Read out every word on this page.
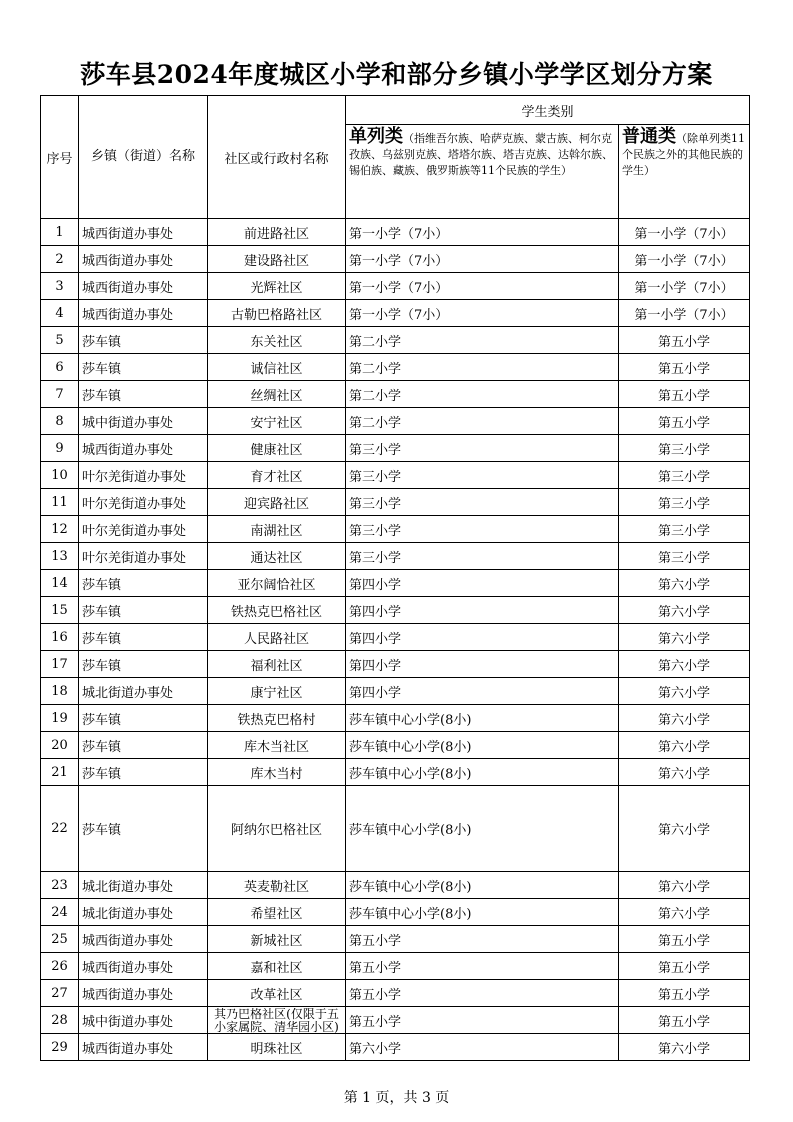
莎车县2024年度城区小学和部分乡镇小学学区划分方案
序号	乡镇（街道）名称	社区或行政村名称	学生类别	
			单列类（指维吾尔族、哈萨克族、蒙古族、柯尔克孜族、乌兹别克族、塔塔尔族、塔吉克族、达斡尔族、锡伯族、藏族、俄罗斯族等11个民族的学生）	普通类（除单列类11个民族之外的其他民族的学生）
1	城西街道办事处	前进路社区	第一小学（7小）	第一小学（7小）
2	城西街道办事处	建设路社区	第一小学（7小）	第一小学（7小）
3	城西街道办事处	光辉社区	第一小学（7小）	第一小学（7小）
4	城西街道办事处	古勒巴格路社区	第一小学（7小）	第一小学（7小）
5	莎车镇	东关社区	第二小学	第五小学
6	莎车镇	诚信社区	第二小学	第五小学
7	莎车镇	丝绸社区	第二小学	第五小学
8	城中街道办事处	安宁社区	第二小学	第五小学
9	城西街道办事处	健康社区	第三小学	第三小学
10	叶尔羌街道办事处	育才社区	第三小学	第三小学
11	叶尔羌街道办事处	迎宾路社区	第三小学	第三小学
12	叶尔羌街道办事处	南湖社区	第三小学	第三小学
13	叶尔羌街道办事处	通达社区	第三小学	第三小学
14	莎车镇	亚尔阔恰社区	第四小学	第六小学
15	莎车镇	铁热克巴格社区	第四小学	第六小学
16	莎车镇	人民路社区	第四小学	第六小学
17	莎车镇	福利社区	第四小学	第六小学
18	城北街道办事处	康宁社区	第四小学	第六小学
19	莎车镇	铁热克巴格村	莎车镇中心小学(8小)	第六小学
20	莎车镇	库木当社区	莎车镇中心小学(8小)	第六小学
21	莎车镇	库木当村	莎车镇中心小学(8小)	第六小学
22	莎车镇	阿纳尔巴格社区	莎车镇中心小学(8小)	第六小学
23	城北街道办事处	英麦勒社区	莎车镇中心小学(8小)	第六小学
24	城北街道办事处	希望社区	莎车镇中心小学(8小)	第六小学
25	城西街道办事处	新城社区	第五小学	第五小学
26	城西街道办事处	嘉和社区	第五小学	第五小学
27	城西街道办事处	改革社区	第五小学	第五小学
28	城中街道办事处	其乃巴格社区(仅限于五小家属院、清华园小区)	第五小学	第五小学
29	城西街道办事处	明珠社区	第六小学	第六小学
第 1 页，共 3 页
